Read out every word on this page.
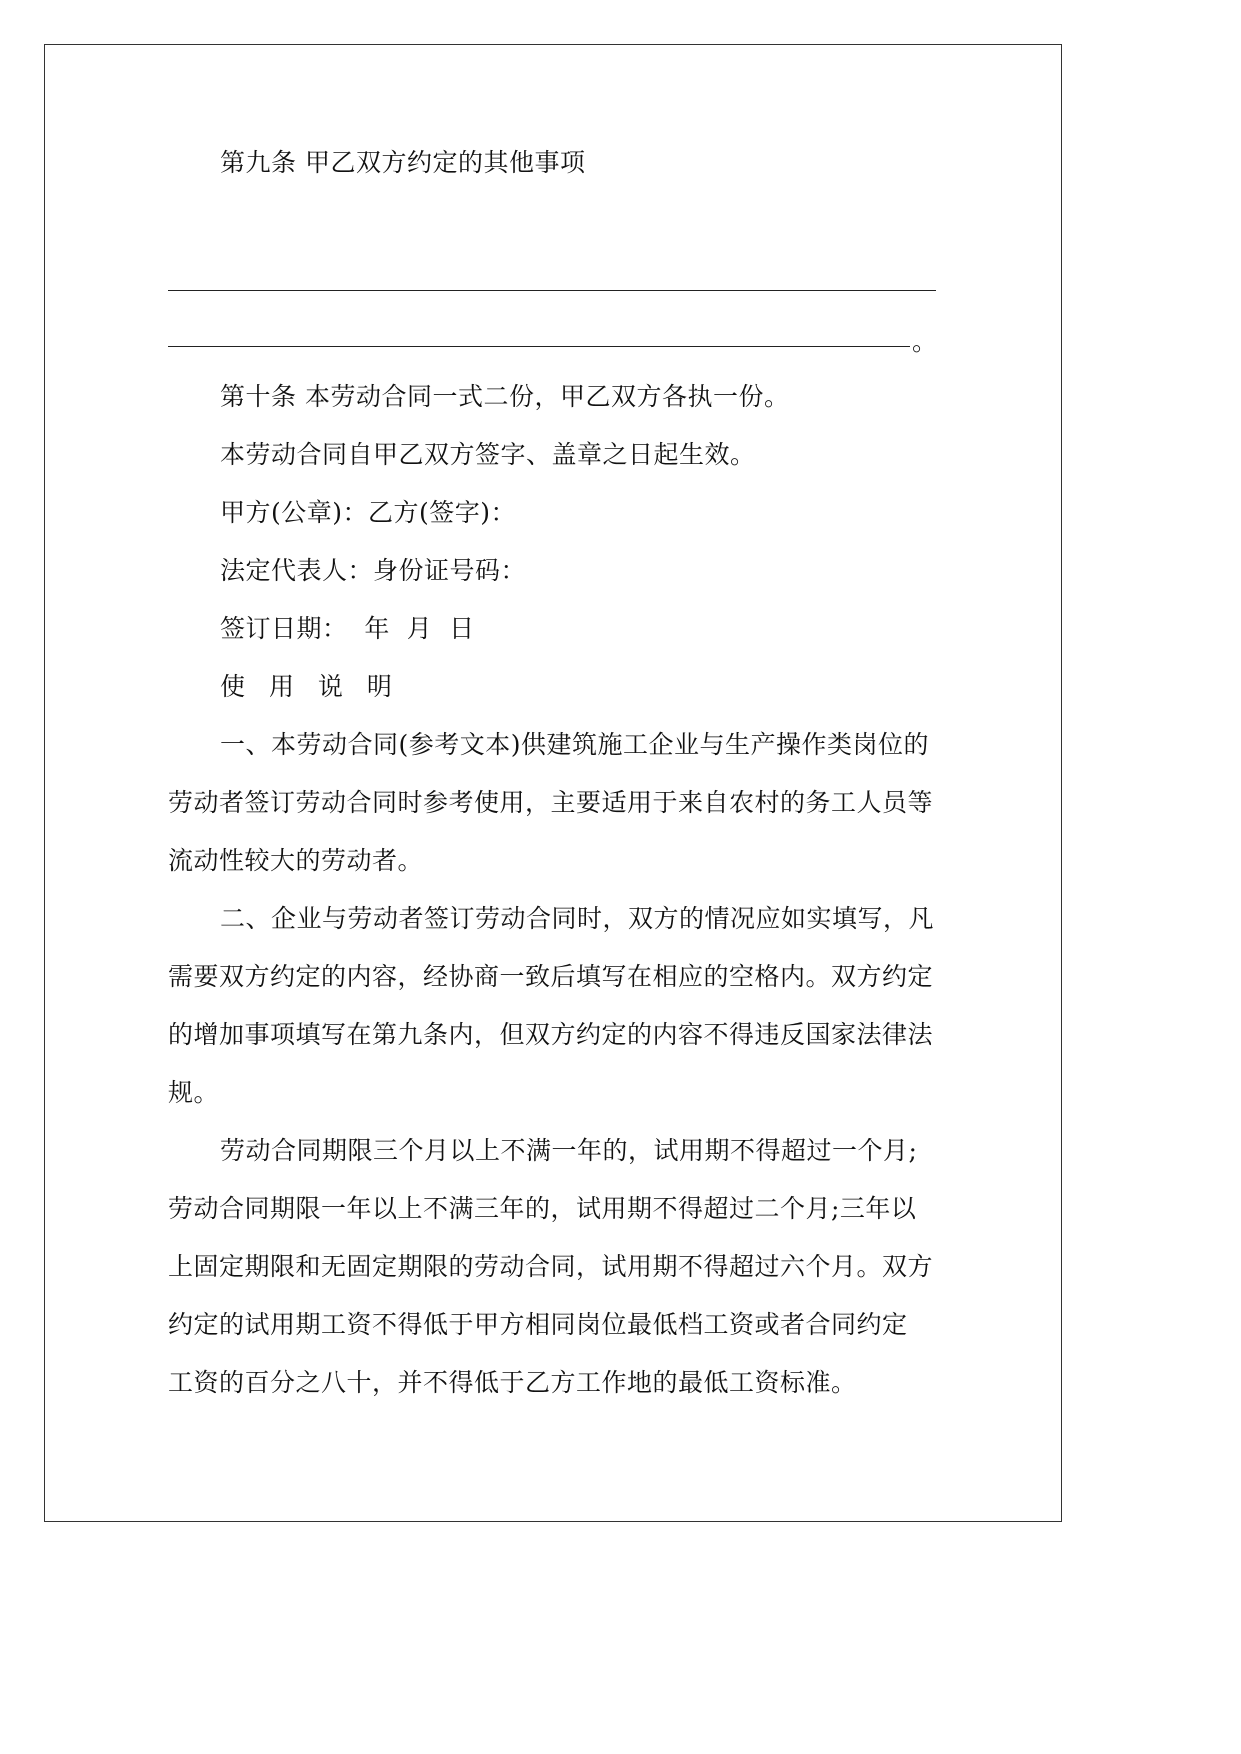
第九条 甲乙双方约定的其他事项
。
第十条 本劳动合同一式二份，甲乙双方各执一份。
本劳动合同自甲乙双方签字、盖章之日起生效。
甲方(公章)：乙方(签字)：
法定代表人：身份证号码：
签订日期：  年  月  日
使 用 说 明
一、本劳动合同(参考文本)供建筑施工企业与生产操作类岗位的
劳动者签订劳动合同时参考使用，主要适用于来自农村的务工人员等
流动性较大的劳动者。
二、企业与劳动者签订劳动合同时，双方的情况应如实填写，凡
需要双方约定的内容，经协商一致后填写在相应的空格内。双方约定
的增加事项填写在第九条内，但双方约定的内容不得违反国家法律法
规。
劳动合同期限三个月以上不满一年的，试用期不得超过一个月;
劳动合同期限一年以上不满三年的，试用期不得超过二个月;三年以
上固定期限和无固定期限的劳动合同，试用期不得超过六个月。双方
约定的试用期工资不得低于甲方相同岗位最低档工资或者合同约定
工资的百分之八十，并不得低于乙方工作地的最低工资标准。
